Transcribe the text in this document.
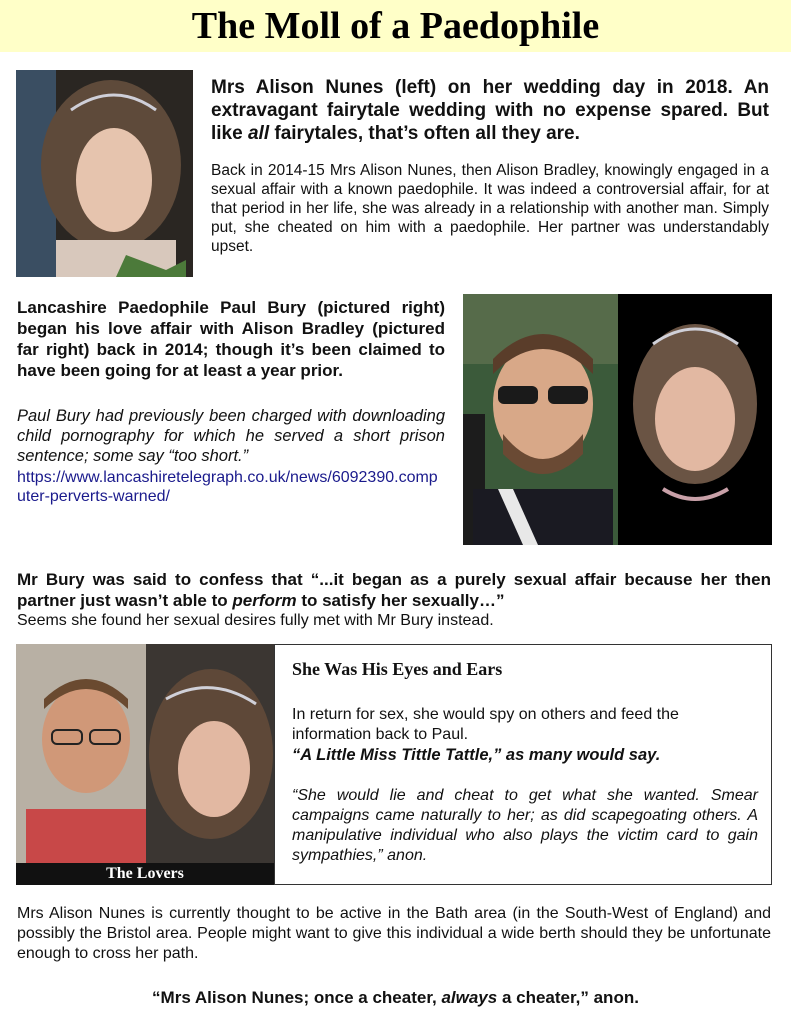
The Moll of a Paedophile
Mrs Alison Nunes (left) on her wedding day in 2018. An extravagant fairytale wedding with no expense spared. But like all fairytales, that’s often all they are.
Back in 2014-15 Mrs Alison Nunes, then Alison Bradley, knowingly engaged in a sexual affair with a known paedophile. It was indeed a controversial affair, for at that period in her life, she was already in a relationship with another man. Simply put, she cheated on him with a paedophile. Her partner was understandably upset.
Lancashire Paedophile Paul Bury (pictured right) began his love affair with Alison Bradley (pictured far right) back in 2014; though it’s been claimed to have been going for at least a year prior.
Paul Bury had previously been charged with downloading child pornography for which he served a short prison sentence; some say “too short.”
https://www.lancashiretelegraph.co.uk/news/6092390.computer-perverts-warned/
Mr Bury was said to confess that “...it began as a purely sexual affair because her then partner just wasn’t able to perform to satisfy her sexually…”
Seems she found her sexual desires fully met with Mr Bury instead.
The Lovers
She Was His Eyes and Ears
In return for sex, she would spy on others and feed the information back to Paul.
“A Little Miss Tittle Tattle,” as many would say.
“She would lie and cheat to get what she wanted. Smear campaigns came naturally to her; as did scapegoating others. A manipulative individual who also plays the victim card to gain sympathies,” anon.
Mrs Alison Nunes is currently thought to be active in the Bath area (in the South-West of England) and possibly the Bristol area. People might want to give this individual a wide berth should they be unfortunate enough to cross her path.
“Mrs Alison Nunes; once a cheater, always a cheater,” anon.
